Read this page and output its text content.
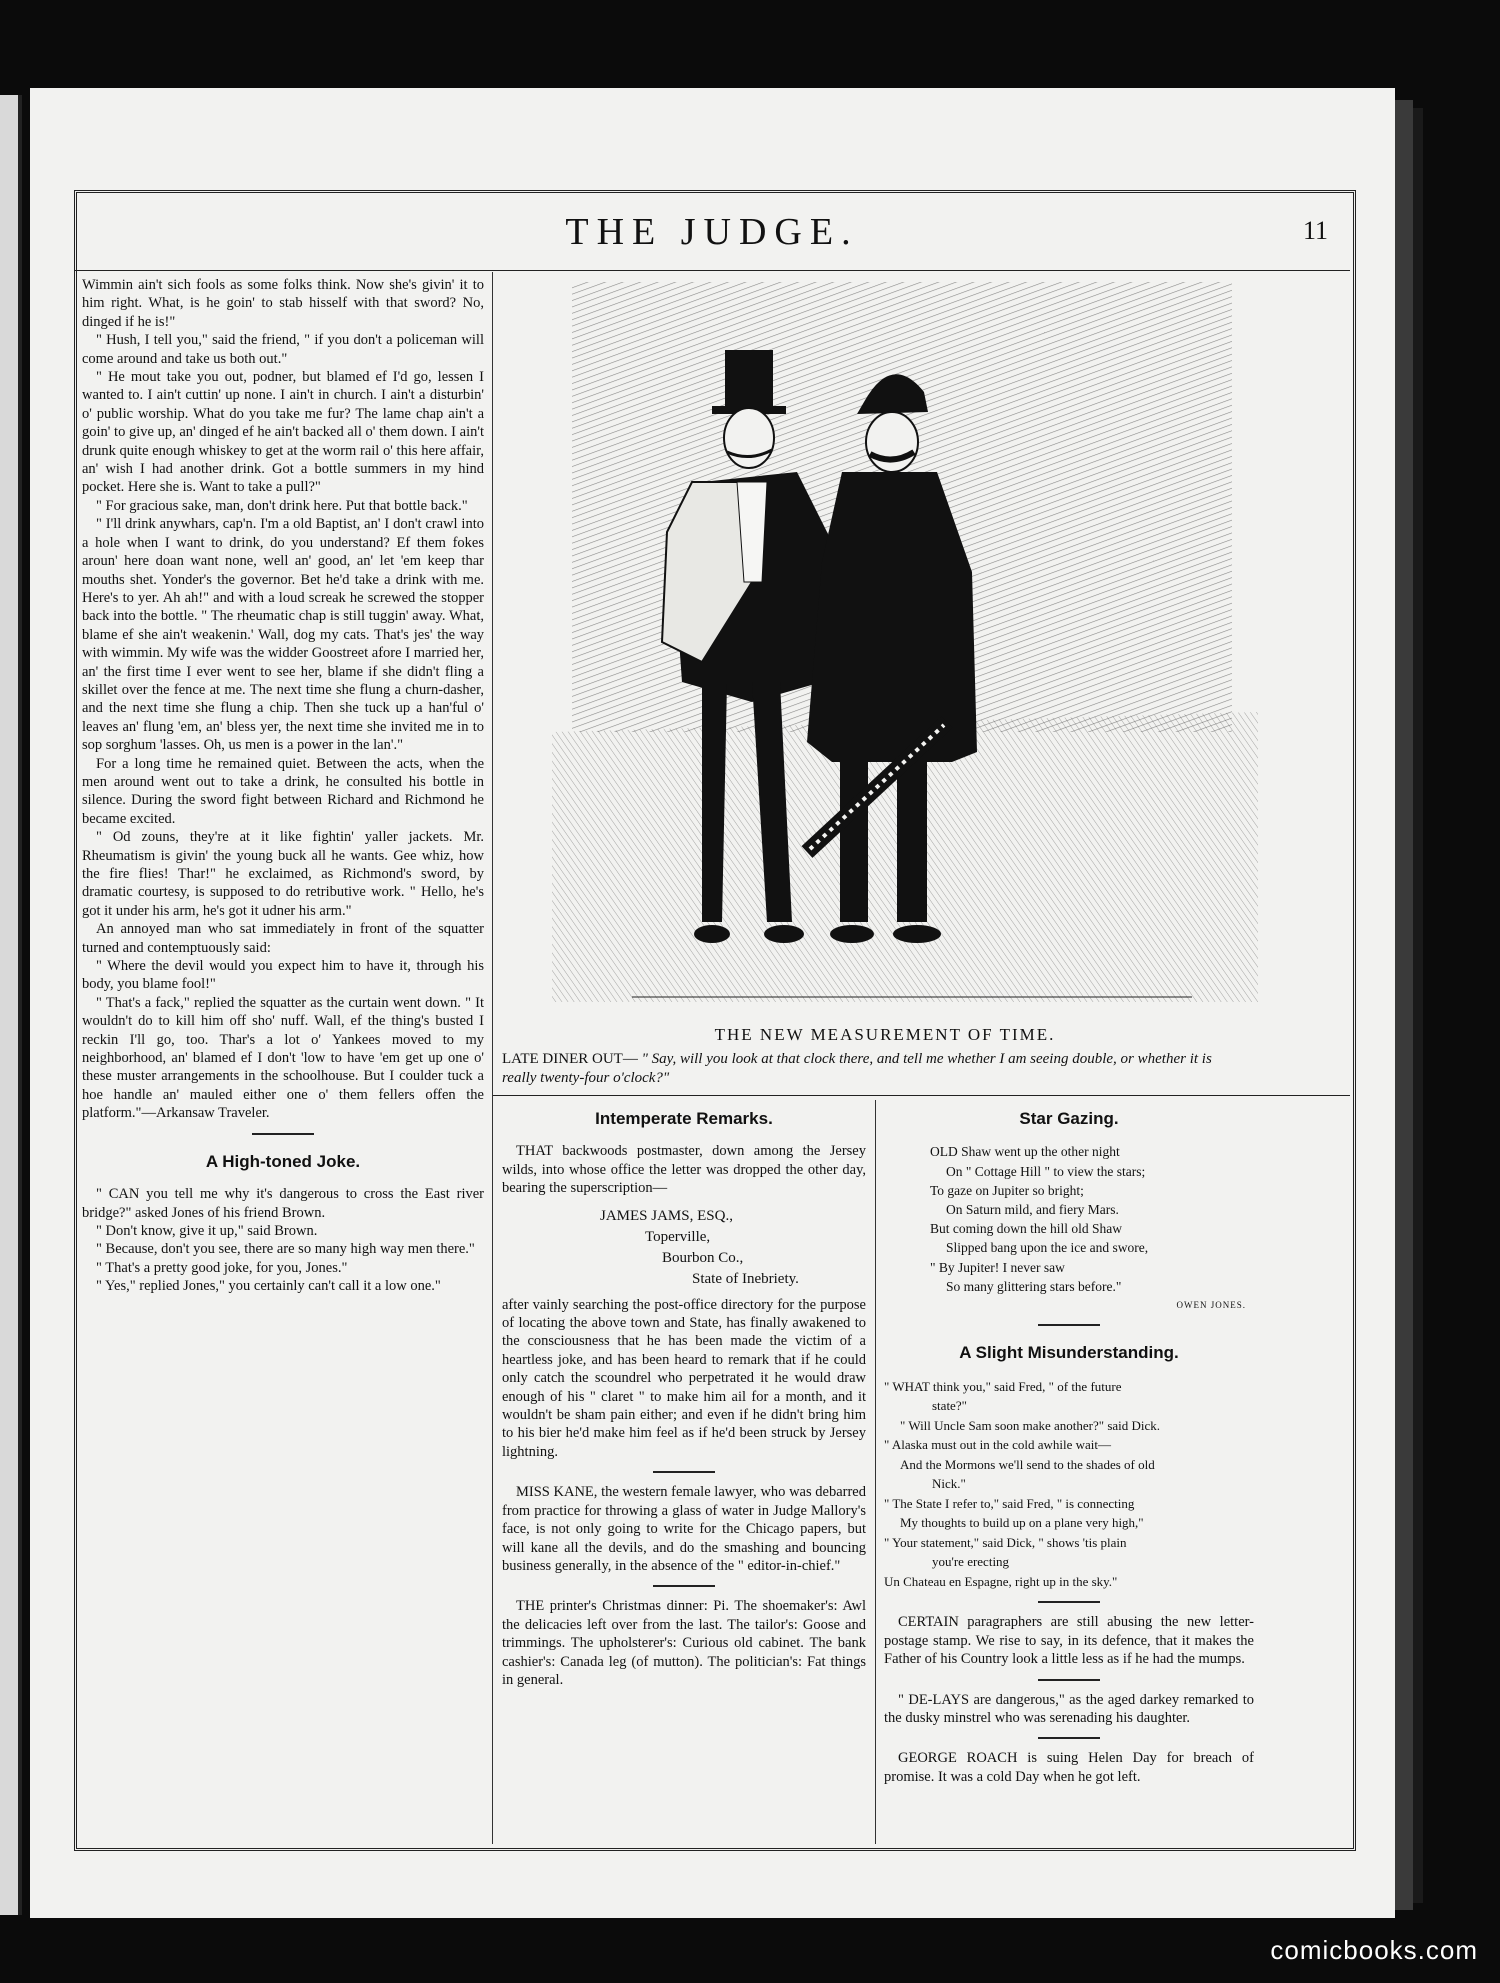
THE JUDGE.	11

Wimmin ain't sich fools as some folks think. Now she's givin' it to him right. What, is he goin' to stab hisself with that sword? No, dinged if he is!"

" Hush, I tell you," said the friend, " if you don't a policeman will come around and take us both out."

" He mout take you out, podner, but blamed ef I'd go, lessen I wanted to. I ain't cuttin' up none. I ain't in church. I ain't a disturbin' o' public worship. What do you take me fur? The lame chap ain't a goin' to give up, an' dinged ef he ain't backed all o' them down. I ain't drunk quite enough whiskey to get at the worm rail o' this here affair, an' wish I had another drink. Got a bottle summers in my hind pocket. Here she is. Want to take a pull?"

" For gracious sake, man, don't drink here. Put that bottle back."

" I'll drink anywhars, cap'n. I'm a old Baptist, an' I don't crawl into a hole when I want to drink, do you understand? Ef them fokes aroun' here doan want none, well an' good, an' let 'em keep thar mouths shet. Yonder's the governor. Bet he'd take a drink with me. Here's to yer. Ah ah!" and with a loud screak he screwed the stopper back into the bottle. " The rheumatic chap is still tuggin' away. What, blame ef she ain't weakenin.' Wall, dog my cats. That's jes' the way with wimmin. My wife was the widder Goostreet afore I married her, an' the first time I ever went to see her, blame if she didn't fling a skillet over the fence at me. The next time she flung a churn-dasher, and the next time she flung a chip. Then she tuck up a han'ful o' leaves an' flung 'em, an' bless yer, the next time she invited me in to sop sorghum 'lasses. Oh, us men is a power in the lan'."

For a long time he remained quiet. Between the acts, when the men around went out to take a drink, he consulted his bottle in silence. During the sword fight between Richard and Richmond he became excited.

" Od zouns, they're at it like fightin' yaller jackets. Mr. Rheumatism is givin' the young buck all he wants. Gee whiz, how the fire flies! Thar!" he exclaimed, as Richmond's sword, by dramatic courtesy, is supposed to do retributive work. " Hello, he's got it under his arm, he's got it udner his arm."

An annoyed man who sat immediately in front of the squatter turned and contemptuously said:

" Where the devil would you expect him to have it, through his body, you blame fool!"

" That's a fack," replied the squatter as the curtain went down. " It wouldn't do to kill him off sho' nuff. Wall, ef the thing's busted I reckin I'll go, too. Thar's a lot o' Yankees moved to my neighborhood, an' blamed ef I don't 'low to have 'em get up one o' these muster arrangements in the schoolhouse. But I coulder tuck a hoe handle an' mauled either one o' them fellers offen the platform."—Arkansaw Traveler.

A High-toned Joke.

" CAN you tell me why it's dangerous to cross the East river bridge?" asked Jones of his friend Brown.

" Don't know, give it up," said Brown.

" Because, don't you see, there are so many high way men there."

" That's a pretty good joke, for you, Jones."

" Yes," replied Jones," you certainly can't call it a low one."

THE NEW MEASUREMENT OF TIME.
LATE DINER OUT— " Say, will you look at that clock there, and tell me whether I am seeing double, or whether it is really twenty-four o'clock?"
Intemperate Remarks.

THAT backwoods postmaster, down among the Jersey wilds, into whose office the letter was dropped the other day, bearing the superscription—

JAMES JAMS, ESQ.,
Toperville,
Bourbon Co.,
State of Inebriety.

after vainly searching the post-office directory for the purpose of locating the above town and State, has finally awakened to the consciousness that he has been made the victim of a heartless joke, and has been heard to remark that if he could only catch the scoundrel who perpetrated it he would draw enough of his " claret " to make him ail for a month, and it wouldn't be sham pain either; and even if he didn't bring him to his bier he'd make him feel as if he'd been struck by Jersey lightning.

MISS KANE, the western female lawyer, who was debarred from practice for throwing a glass of water in Judge Mallory's face, is not only going to write for the Chicago papers, but will kane all the devils, and do the smashing and bouncing business generally, in the absence of the " editor-in-chief."

THE printer's Christmas dinner: Pi. The shoemaker's: Awl the delicacies left over from the last. The tailor's: Goose and trimmings. The upholsterer's: Curious old cabinet. The bank cashier's: Canada leg (of mutton). The politician's: Fat things in general.

Star Gazing.
OLD Shaw went up the other night
On " Cottage Hill " to view the stars;
To gaze on Jupiter so bright;
On Saturn mild, and fiery Mars.
But coming down the hill old Shaw
Slipped bang upon the ice and swore,
" By Jupiter! I never saw
So many glittering stars before."
OWEN JONES.
A Slight Misunderstanding.
" WHAT think you," said Fred, " of the future
state?"
" Will Uncle Sam soon make another?" said Dick.
" Alaska must out in the cold awhile wait—
And the Mormons we'll send to the shades of old
Nick."
" The State I refer to," said Fred, " is connecting
My thoughts to build up on a plane very high,"
" Your statement," said Dick, " shows 'tis plain
you're erecting
Un Chateau en Espagne, right up in the sky."

CERTAIN paragraphers are still abusing the new letter-postage stamp. We rise to say, in its defence, that it makes the Father of his Country look a little less as if he had the mumps.

" DE-LAYS are dangerous," as the aged darkey remarked to the dusky minstrel who was serenading his daughter.

GEORGE ROACH is suing Helen Day for breach of promise. It was a cold Day when he got left.

comicbooks.com
